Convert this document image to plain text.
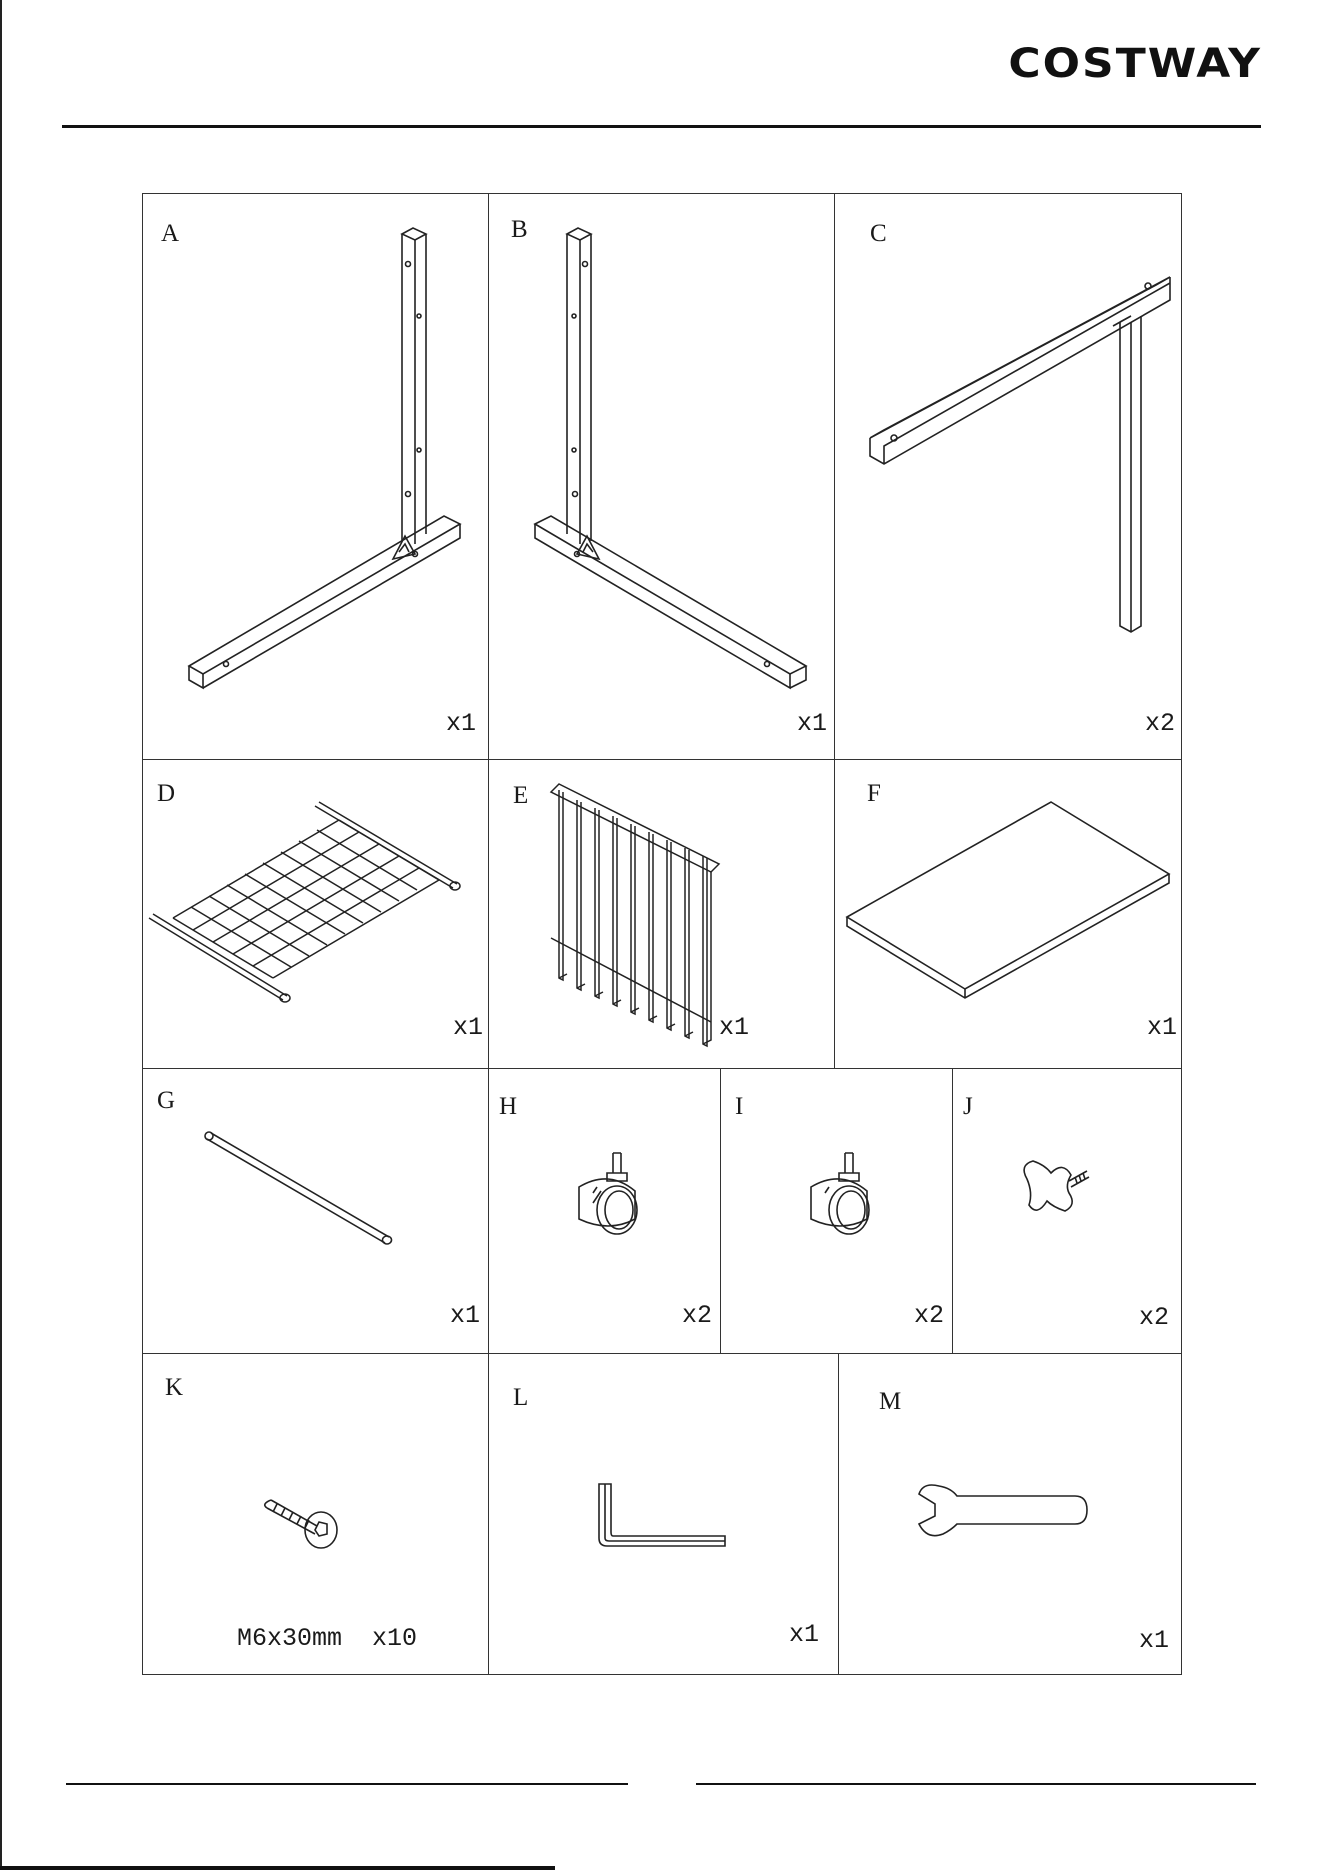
COSTWAY
A
x1
B
x1
C
x2
D
x1
E
x1
F
x1
G
x1
H
x2
I
x2
J
x2
K
M6x30mm  x10
L
x1
M
x1
